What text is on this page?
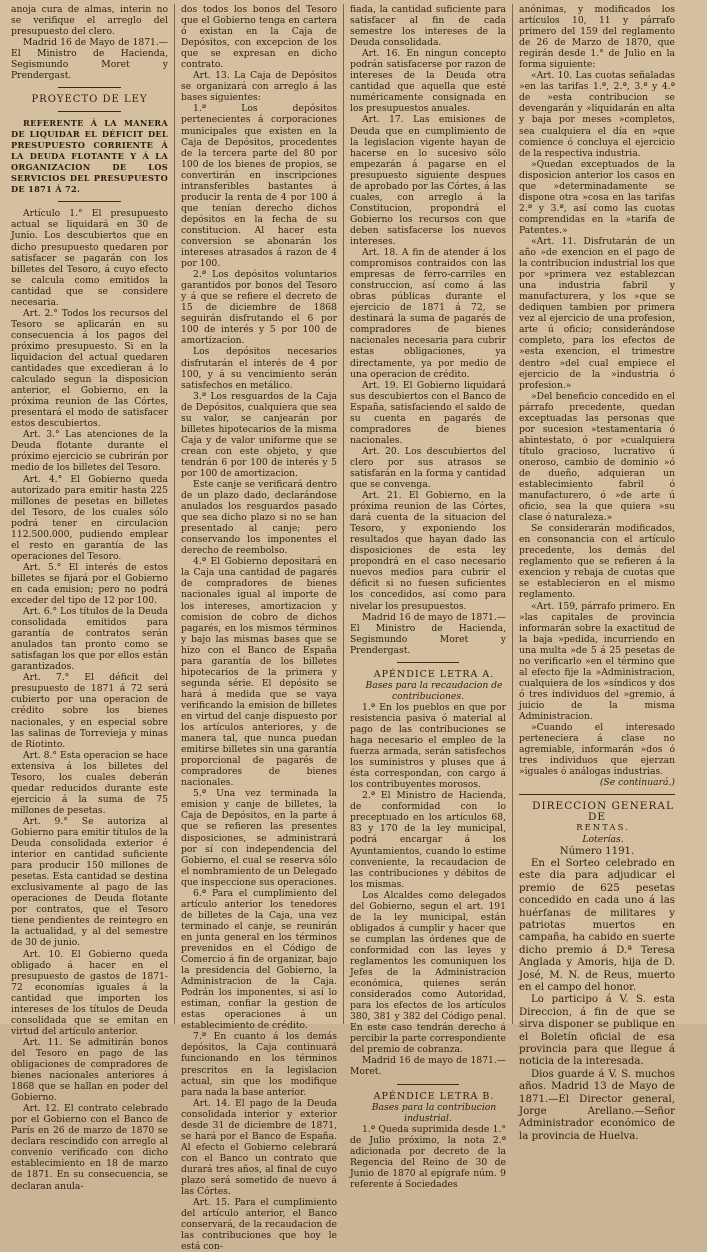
anoja cura de almas, interin no se verifique el arreglo del presupuesto del clero.

Madrid 16 de Mayo de 1871.—El Ministro de Hacienda, Segismundo Moret y Prendergast.

PROYECTO DE LEY

REFERENTE Á LA MANERA DE LIQUIDAR EL DÉFICIT DEL PRESUPUESTO CORRIENTE Á LA DEUDA FLOTANTE Y Á LA ORGANIZACION DE LOS SERVICIOS DEL PRESUPUESTO DE 1871 Á 72.

Artículo 1.° El presupuesto actual se liquidará en 30 de Junio. Los descubiertos que en dicho presupuesto quedaren por satisfacer se pagarán con los billetes del Tesoro, á cuyo efecto se calcula como emitidos la cantidad que se considere necesaria.

Art. 2.° Todos los recursos del Tesoro se aplicarán en su consecuencia á los pagos del próximo presupuesto. Si en la liquidacion del actual quedaren cantidades que excedieran á lo calculado segun la disposicion anterior, el Gobierno, en la próxima reunion de las Córtes, presentará el modo de satisfacer estos descubiertos.

Art. 3.° Las atenciones de la Deuda flotante durante el próximo ejercicio se cubrirán por medio de los billetes del Tesoro.

Art. 4.° El Gobierno queda autorizado para emitir hasta 225 millones de pesetas en billetes del Tesoro, de los cuales sólo podrá tener en circulacion 112.500.000, pudiendo emplear el resto en garantía de las operaciones del Tesoro.

Art. 5.° El interés de estos billetes se fijará por el Gobierno en cada emision; pero no podrá exceder del tipo de 12 por 100.

Art. 6.° Los títulos de la Deuda consolidada emitidos para garantía de contratos serán anulados tan pronto como se satisfagan los que por ellos están garantizados.

Art. 7.° El déficit del presupuesto de 1871 á 72 será cubierto por una operacion de crédito sobre los bienes nacionales, y en especial sobre las salinas de Torrevieja y minas de Riotinto.

Art. 8.° Esta operacion se hace extensiva á los billetes del Tesoro, los cuales deberán quedar reducidos durante este ejercicio á la suma de 75 millones de pesetas.

Art. 9.° Se autoriza al Gobierno para emitir títulos de la Deuda consolidada exterior é interior en cantidad suficiente para producir 150 millones de pesetas. Esta cantidad se destina exclusivamente al pago de las operaciones de Deuda flotante por contratos, que el Tesoro tiene pendientes de reintegro en la actualidad, y al del semestre de 30 de junio.

Art. 10. El Gobierno queda obligado á hacer en el presupuesto de gastos de 1871-72 economías iguales á la cantidad que importen los intereses de los títulos de Deuda consolidada que se emitan en virtud del artículo anterior.

Art. 11. Se admitirán bonos del Tesoro en pago de las obligaciones de compradores de bienes nacionales anteriores á 1868 que se hallan en poder del Gobierno.

Art. 12. El contrato celebrado por el Gobierno con el Banco de París en 26 de marzo de 1870 se declara rescindido con arreglo al convenio verificado con dicho establecimiento en 18 de marzo de 1871. En su consecuencia, se declaran anula-

dos todos los bonos del Tesoro que el Gobierno tenga en cartera ó existan en la Caja de Depósitos, con excepcion de los que se expresan en dicho contrato.

Art. 13. La Caja de Depósitos se organizará con arreglo á las bases siguientes:

1.ª Los depósitos pertenecientes á corporaciones municipales que existen en la Caja de Depósitos, procedentes de la tercera parte del 80 por 100 de los bienes de propios, se convertirán en inscripciones intransferibles bastantes á producir la renta de 4 por 100 á que tenían derecho dichos depósitos en la fecha de su constitucion. Al hacer esta conversion se abonarán los intereses atrasados á razon de 4 por 100.

2.ª Los depósitos voluntarios garantidos por bonos del Tesoro y á que se refiere el decreto de 15 de diciembre de 1868 seguirán disfrutando el 6 por 100 de interés y 5 por 100 de amortizacion.

Los depósitos necesarios disfrutarán el interés de 4 por 100, y á su vencimiento serán satisfechos en metálico.

3.ª Los resguardos de la Caja de Depósitos, cualquiera que sea su valor, se canjearán por billetes hipotecarios de la misma Caja y de valor uniforme que se crean con este objeto, y que tendrán 6 por 100 de interés y 5 por 100 de amortizacion.

Este canje se verificará dentro de un plazo dado, declarándose anulados los resguardos pasado que sea dicho plazo si no se han presentado al canje; pero conservando los imponentes el derecho de reembolso.

4.ª El Gobierno depositará en la Caja una cantidad de pagarés de compradores de bienes nacionales igual al importe de los intereses, amortizacion y comision de cobro de dichos pagarés, en los mismos términos y bajo las mismas bases que se hizo con el Banco de España para garantía de los billetes hipotecarios de la primera y segunda série. El depósito se hará á medida que se vaya verificando la emision de billetes en virtud del canje dispuesto por los artículos anteriores, y de manera tal, que nunca puedan emitirse billetes sin una garantía proporcional de pagarés de compradores de bienes nacionales.

5.ª Una vez terminada la emision y canje de billetes, la Caja de Depósitos, en la parte á que se refieren las presentes disposiciones, se administrará por sí con independencia del Gobierno, el cual se reserva sólo el nombramiento de un Delegado que inspeccione sus operaciones.

6.ª Para el cumplimiento del artículo anterior los tenedores de billetes de la Caja, una vez terminado el canje, se reunirán en junta general en los términos prevenidos en el Código de Comercio á fin de organizar, bajo la presidencia del Gobierno, la Administracion de la Caja. Podrán los imponentes, si así lo estiman, confiar la gestion de estas operaciones á un establecimiento de crédito.

7.ª En cuanto á los demás depósitos, la Caja continuará funcionando en los términos prescritos en la legislacion actual, sin que los modifique para nada la base anterior.

Art. 14. El pago de la Deuda consolidada interior y exterior desde 31 de diciembre de 1871, se hará por el Banco de España. Al efecto el Gobierno celebrará con el Banco un contrato que durará tres años, al final de cuyo plazo será sometido de nuevo á las Córtes.

Art. 15. Para el cumplimiento del artículo anterior, el Banco conservará, de la recaudacion de las contribuciones que hoy le está con-

fiada, la cantidad suficiente para satisfacer al fin de cada semestre los intereses de la Deuda consolidada.

Art. 16. En ningun concepto podrán satisfacerse por razon de intereses de la Deuda otra cantidad que aquella que esté numéricamente consignada en los presupuestos anuales.

Art. 17. Las emisiones de Deuda que en cumplimiento de la legislacion vigente hayan de hacerse en lo sucesivo sólo empezarán á pagarse en el presupuesto siguiente despues de aprobado por las Córtes, á las cuales, con arreglo á la Constitucion, propondrá el Gobierno los recursos con que deben satisfacerse los nuevos intereses.

Art. 18. A fin de atender á los compromisos contraidos con las empresas de ferro-carriles en construccion, así como á las obras públicas durante el ejercicio de 1871 á 72, se destinará la suma de pagarés de compradores de bienes nacionales necesaria para cubrir estas obligaciones, ya directamente, ya por medio de una operacion de crédito.

Art. 19. El Gobierno liquidará sus descubiertos con el Banco de España, satisfaciendo el saldo de su cuenta en pagarés de compradores de bienes nacionales.

Art. 20. Los descubiertos del clero por sus atrasos se satisfarán en la forma y cantidad que se convenga.

Art. 21. El Gobierno, en la próxima reunion de las Córtes, dará cuenta de la situacion del Tesoro, y exponiendo los resultados que hayan dado las disposiciones de esta ley propondrá en el caso necesario nuevos medios para cubrir el déficit si no fuesen suficientes los concedidos, así como para nivelar los presupuestos.

Madrid 16 de mayo de 1871.—El Ministro de Hacienda, Segismundo Moret y Prendergast.

APÉNDICE LETRA A.

Bases para la recaudacion de contribuciones.

1.ª En los pueblos en que por resistencia pasiva ó material al pago de las contribuciones se haga necesario el empleo de la fuerza armada, serán satisfechos los suministros y pluses que á ésta correspondan, con cargo á los contribuyentes morosos.

2.ª El Ministro de Hacienda, de conformidad con lo preceptuado en los artículos 68, 83 y 170 de la ley municipal, podrá encargar á los Ayuntamientos, cuando lo estime conveniente, la recaudacion de las contribuciones y débitos de los mismas.

Los Alcaldes como delegados del Gobierno, segun el art. 191 de la ley municipal, están obligados á cumplir y hacer que se cumplan las órdenes que de conformidad con las leyes y reglamentos les comuniquen los Jefes de la Administracion económica, quienes serán considerados como Autoridad, para los efectos de los artículos 380, 381 y 382 del Código penal. En este caso tendrán derecho á percibir la parte correspondiente del premio de cobranza.

Madrid 16 de mayo de 1871.—Moret.

APÉNDICE LETRA B.

Bases para la contribucion industrial.

1.ª Queda suprimida desde 1.° de Julio próximo, la nota 2.ª adicionada por decreto de la Regencia del Reino de 30 de Junio de 1870 al epígrafe núm. 9 referente á Sociedades

anónimas, y modificados los artículos 10, 11 y párrafo primero del 159 del reglamento de 26 de Marzo de 1870, que regirán desde 1.° de Julio en la forma siguiente:

«Art. 10. Las cuotas señaladas »en las tarifas 1.ª, 2.ª, 3.ª y 4.ª de »esta contribucion se devengarán y »liquidarán en alta y baja por meses »completos, sea cualquiera el día en »que comience ó concluya el ejercicio de la respectiva industria.

»Quedan exceptuados de la disposicion anterior los casos en que »determinadamente se dispone otra »cosa en las tarifas 2.ª y 3.ª, así como las cuotas comprendidas en la »tarifa de Patentes.»

«Art. 11. Disfrutarán de un año »de exencion en el pago de la contribucion industrial los que por »primera vez establezcan una industria fabril y manufacturera, y los »que se dediquen tambien por primera vez al ejercicio de una profesion, arte ú oficio; considerándose completo, para los efectos de »esta exencion, el trimestre dentro »del cual empiece el ejercicio de la »industria ó profesion.»

»Del beneficio concedido en el párrafo precedente, quedan exceptuadas las personas que por sucesion »testamentaria ó abintestato, ó por »cualquiera título gracioso, lucrativo ú oneroso, cambio de dominio »ó de dueño, adquieran un establecimiento fabril ó manufacturero, ó »de arte ú oficio, sea la que quiera »su clase ó naturaleza.»

Se considerarán modificados, en consonancia con el artículo precedente, los demás del reglamento que se refieren á la exencion y rebaja de cuotas que se establecieron en el mismo reglamento.

«Art. 159, párrafo primero. En »las capitales de provincia informarán sobre la exactitud de la baja »pedida, incurriendo en una multa »de 5 á 25 pesetas de no verificarlo »en el término que al efecto fije la »Administracion, cualquiera de los »síndicos y dos ó tres individuos del »gremio, á juicio de la misma Administracion.

»Cuando el interesado perteneciera á clase no agremiable, informarán »dos ó tres individuos que ejerzan »iguales ó análogas industrias.

(Se continuará.)

DIRECCION GENERAL DE

RENTAS.

Loterías.

Número 1191.

En el Sorteo celebrado en este dia para adjudicar el premio de 625 pesetas concedido en cada uno á las huérfanas de militares y patriotas muertos en campaña, ha cabido en suerte dicho premio á D.ª Teresa Anglada y Amoris, hija de D. José, M. N. de Reus, muerto en el campo del honor.

Lo participo á V. S. esta Direccion, á fin de que se sirva disponer se publique en el Boletín oficial de esa provincia para que llegue á noticia de la interesada.

Dios guarde á V. S. muchos años. Madrid 13 de Mayo de 1871.—El Director general, Jorge Arellano.—Señor Administrador económico de la provincia de Huelva.
